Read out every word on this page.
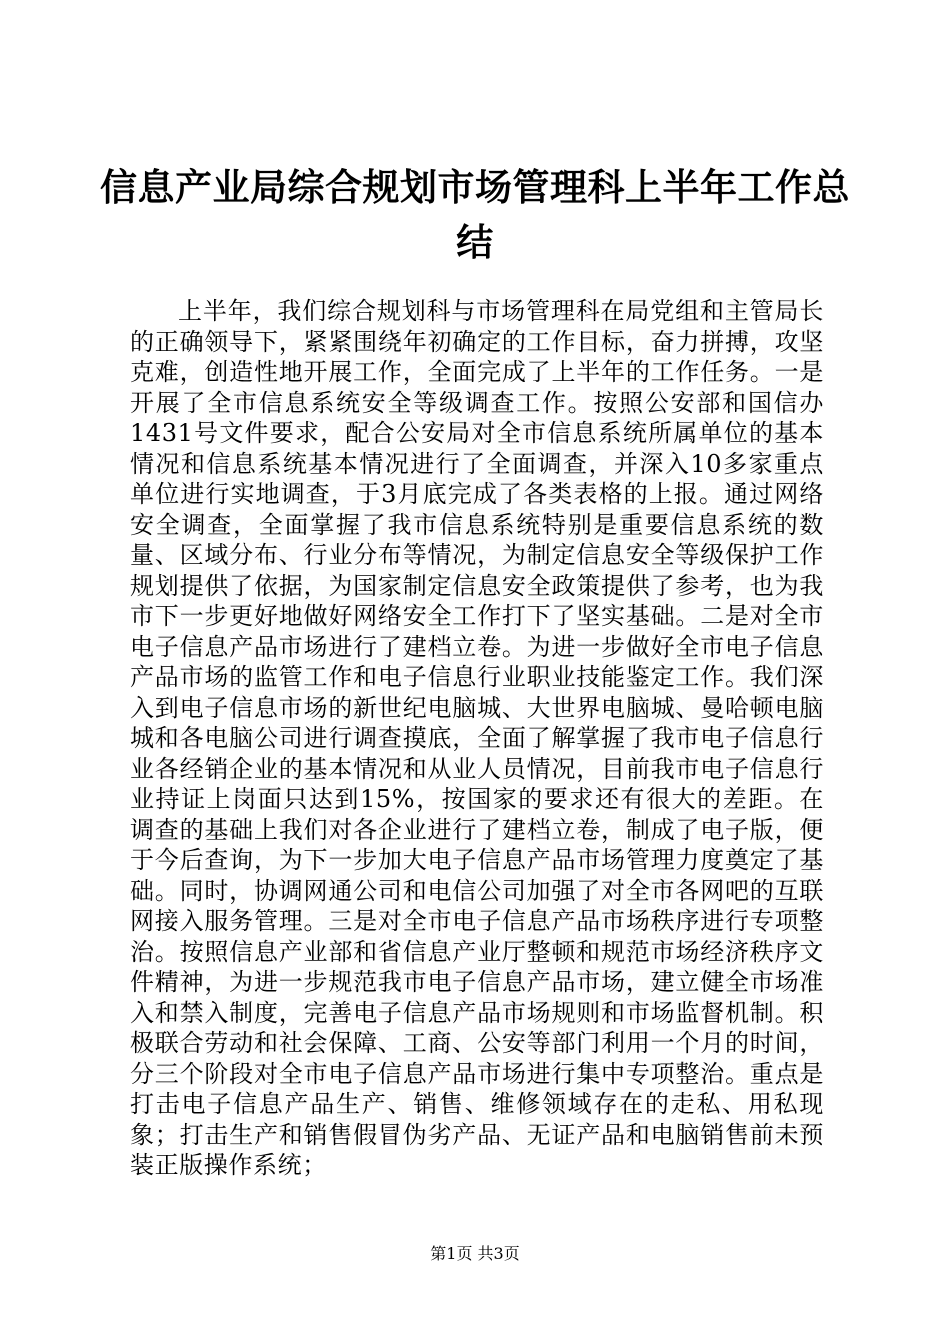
信息产业局综合规划市场管理科上半年工作总结

上半年，我们综合规划科与市场管理科在局党组和主管局长的正确领导下，紧紧围绕年初确定的工作目标，奋力拼搏，攻坚克难，创造性地开展工作，全面完成了上半年的工作任务。一是开展了全市信息系统安全等级调查工作。按照公安部和国信办1431号文件要求，配合公安局对全市信息系统所属单位的基本情况和信息系统基本情况进行了全面调查，并深入10多家重点单位进行实地调查，于3月底完成了各类表格的上报。通过网络安全调查，全面掌握了我市信息系统特别是重要信息系统的数量、区域分布、行业分布等情况，为制定信息安全等级保护工作规划提供了依据，为国家制定信息安全政策提供了参考，也为我市下一步更好地做好网络安全工作打下了坚实基础。二是对全市电子信息产品市场进行了建档立卷。为进一步做好全市电子信息产品市场的监管工作和电子信息行业职业技能鉴定工作。我们深入到电子信息市场的新世纪电脑城、大世界电脑城、曼哈顿电脑城和各电脑公司进行调查摸底，全面了解掌握了我市电子信息行业各经销企业的基本情况和从业人员情况，目前我市电子信息行业持证上岗面只达到15%，按国家的要求还有很大的差距。在调查的基础上我们对各企业进行了建档立卷，制成了电子版，便于今后查询，为下一步加大电子信息产品市场管理力度奠定了基础。同时，协调网通公司和电信公司加强了对全市各网吧的互联网接入服务管理。三是对全市电子信息产品市场秩序进行专项整治。按照信息产业部和省信息产业厅整顿和规范市场经济秩序文件精神，为进一步规范我市电子信息产品市场，建立健全市场准入和禁入制度，完善电子信息产品市场规则和市场监督机制。积极联合劳动和社会保障、工商、公安等部门利用一个月的时间，分三个阶段对全市电子信息产品市场进行集中专项整治。重点是打击电子信息产品生产、销售、维修领域存在的走私、用私现象；打击生产和销售假冒伪劣产品、无证产品和电脑销售前未预装正版操作系统；

第1页 共3页
